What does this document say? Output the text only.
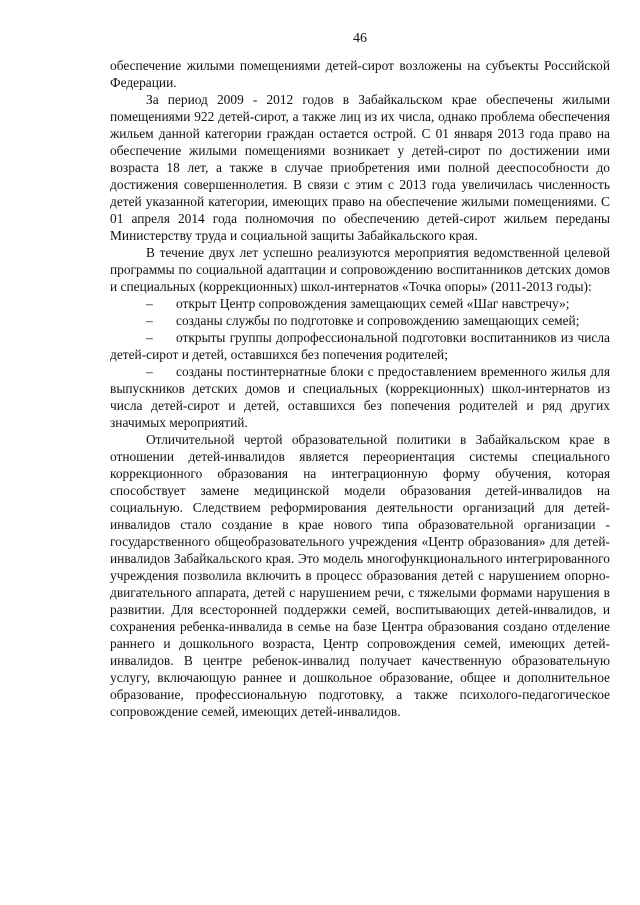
46

обеспечение жилыми помещениями детей-сирот возложены на субъекты Российской Федерации.

За период 2009 - 2012 годов в Забайкальском крае обеспечены жилыми помещениями 922 детей-сирот, а также лиц из их числа, однако проблема обеспечения жильем данной категории граждан остается острой. С 01 января 2013 года право на обеспечение жилыми помещениями возникает у детей-сирот по достижении ими возраста 18 лет, а также в случае приобретения ими полной дееспособности до достижения совершеннолетия. В связи с этим с 2013 года увеличилась численность детей указанной категории, имеющих право на обеспечение жилыми помещениями. С 01 апреля 2014 года полномочия по обеспечению детей-сирот жильем переданы Министерству труда и социальной защиты Забайкальского края.

В течение двух лет успешно реализуются мероприятия ведомственной целевой программы по социальной адаптации и сопровождению воспитанников детских домов и специальных (коррекционных) школ-интернатов «Точка опоры» (2011-2013 годы):

– открыт Центр сопровождения замещающих семей «Шаг навстречу»;

– созданы службы по подготовке и сопровождению замещающих семей;

– открыты группы допрофессиональной подготовки воспитанников из числа детей-сирот и детей, оставшихся без попечения родителей;

– созданы постинтернатные блоки с предоставлением временного жилья для выпускников детских домов и специальных (коррекционных) школ-интернатов из числа детей-сирот и детей, оставшихся без попечения родителей и ряд других значимых мероприятий.

Отличительной чертой образовательной политики в Забайкальском крае в отношении детей-инвалидов является переориентация системы специального коррекционного образования на интеграционную форму обучения, которая способствует замене медицинской модели образования детей-инвалидов на социальную. Следствием реформирования деятельности организаций для детей-инвалидов стало создание в крае нового типа образовательной организации - государственного общеобразовательного учреждения «Центр образования» для детей-инвалидов Забайкальского края. Это модель многофункционального интегрированного учреждения позволила включить в процесс образования детей с нарушением опорно-двигательного аппарата, детей с нарушением речи, с тяжелыми формами нарушения в развитии. Для всесторонней поддержки семей, воспитывающих детей-инвалидов, и сохранения ребенка-инвалида в семье на базе Центра образования создано отделение раннего и дошкольного возраста, Центр сопровождения семей, имеющих детей-инвалидов. В центре ребенок-инвалид получает качественную образовательную услугу, включающую раннее и дошкольное образование, общее и дополнительное образование, профессиональную подготовку, а также психолого-педагогическое сопровождение семей, имеющих детей-инвалидов.
